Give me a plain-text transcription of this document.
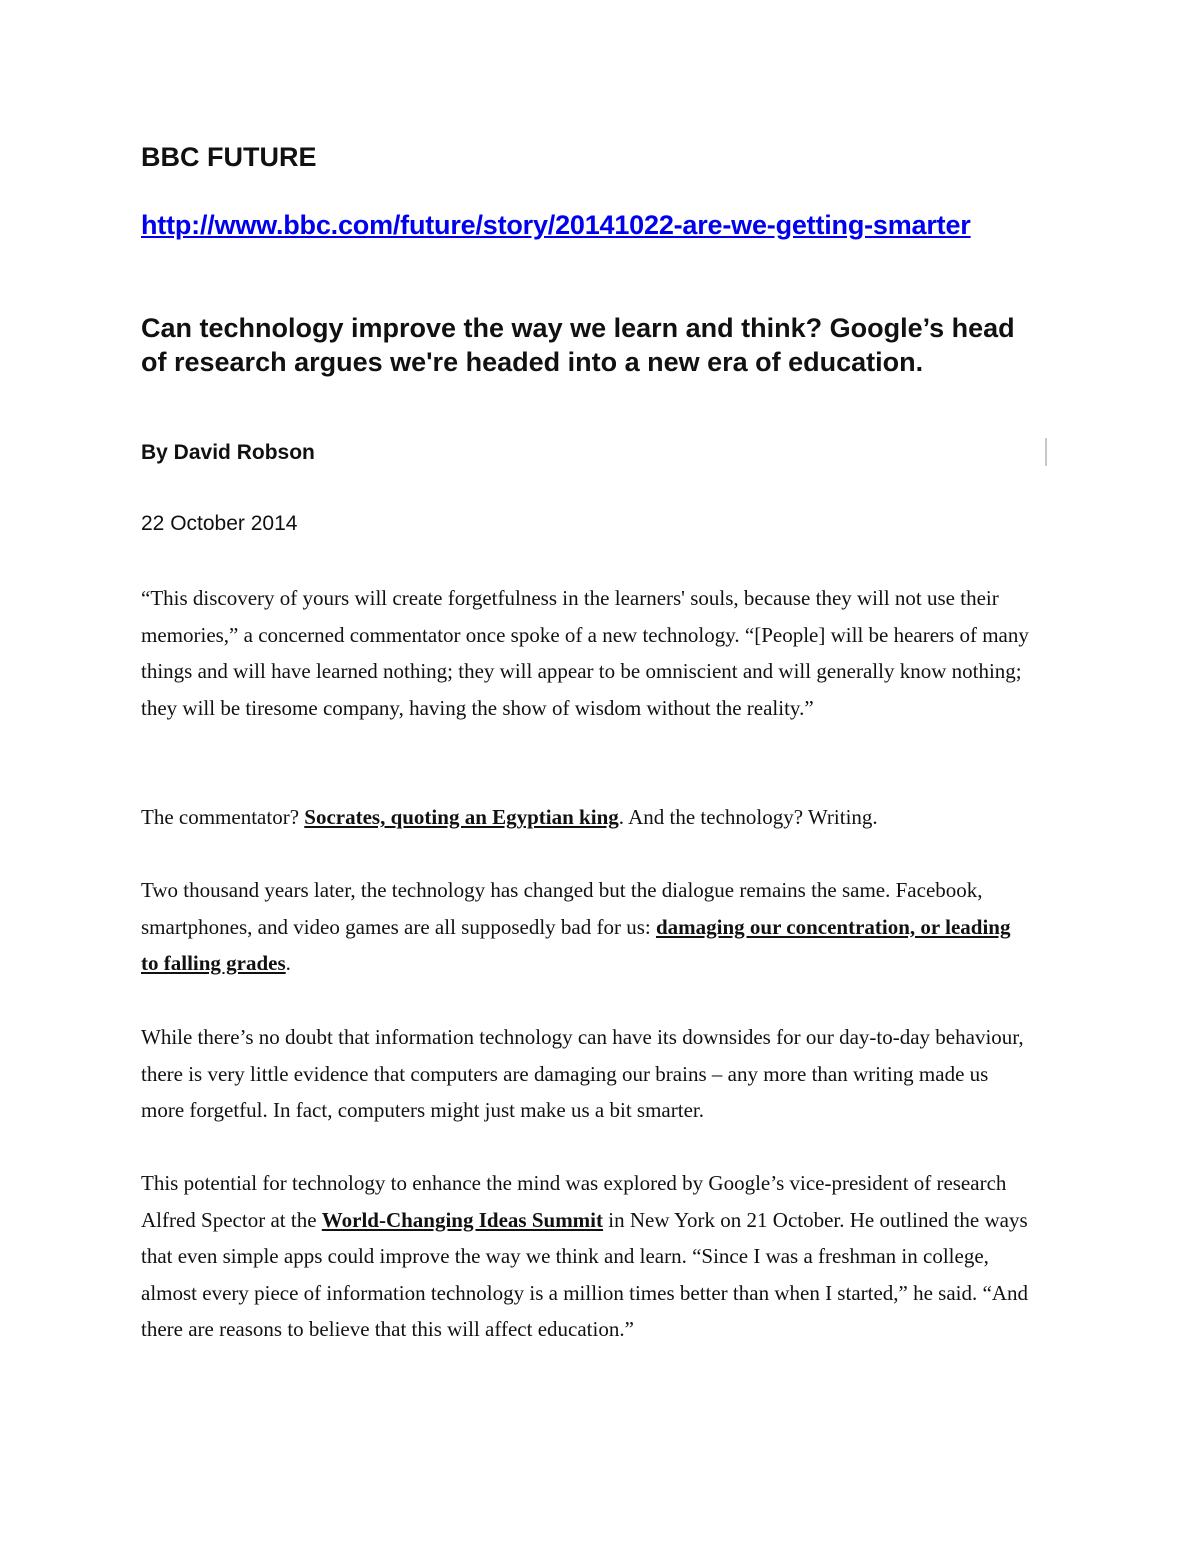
BBC FUTURE
http://www.bbc.com/future/story/20141022-are-we-getting-smarter
Can technology improve the way we learn and think? Google’s head of research argues we're headed into a new era of education.

By David Robson

22 October 2014

“This discovery of yours will create forgetfulness in the learners' souls, because they will not use their memories,” a concerned commentator once spoke of a new technology. “[People] will be hearers of many things and will have learned nothing; they will appear to be omniscient and will generally know nothing; they will be tiresome company, having the show of wisdom without the reality.”

The commentator? Socrates, quoting an Egyptian king. And the technology? Writing.

Two thousand years later, the technology has changed but the dialogue remains the same. Facebook, smartphones, and video games are all supposedly bad for us: damaging our concentration, or leading to falling grades.

While there’s no doubt that information technology can have its downsides for our day-to-day behaviour, there is very little evidence that computers are damaging our brains – any more than writing made us more forgetful. In fact, computers might just make us a bit smarter.

This potential for technology to enhance the mind was explored by Google’s vice-president of research Alfred Spector at the World-Changing Ideas Summit in New York on 21 October. He outlined the ways that even simple apps could improve the way we think and learn. “Since I was a freshman in college, almost every piece of information technology is a million times better than when I started,” he said. “And there are reasons to believe that this will affect education.”
